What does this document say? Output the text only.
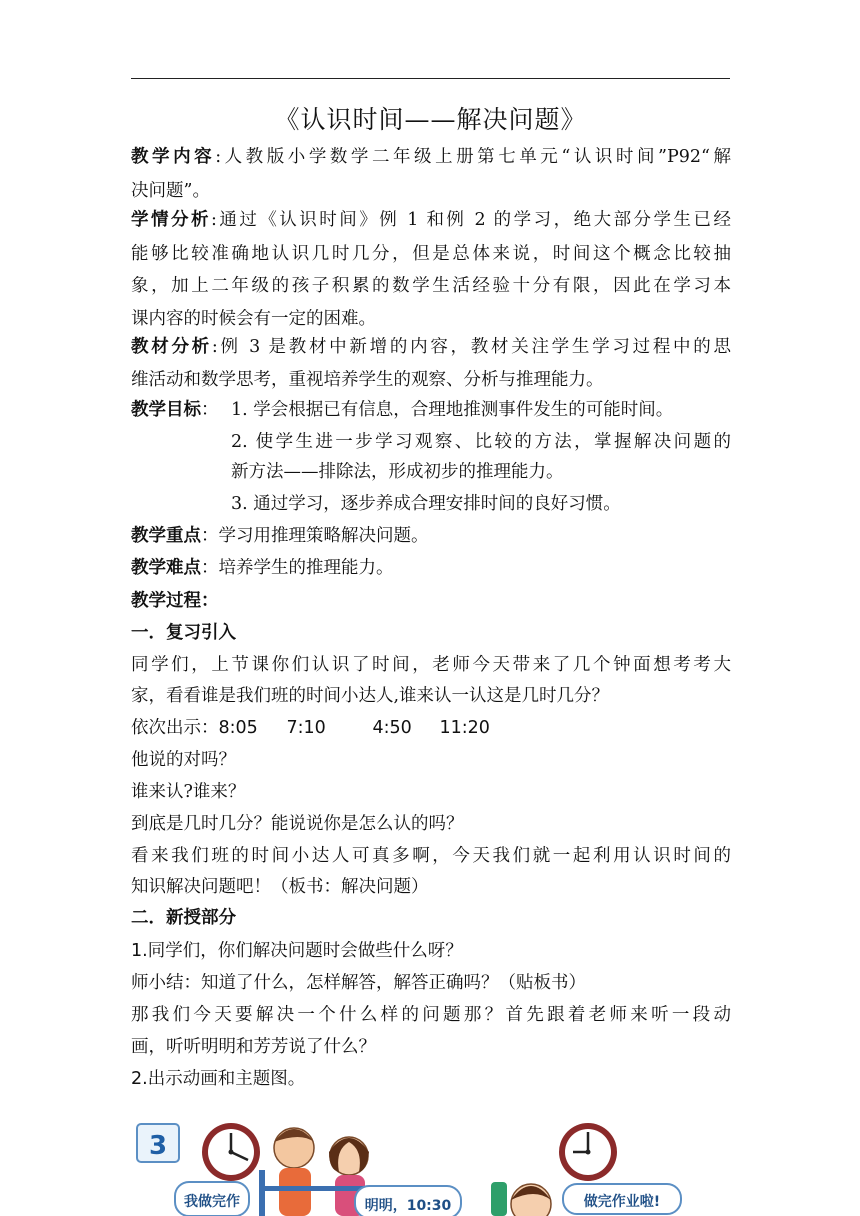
《认识时间——解决问题》
教学内容:人教版小学数学二年级上册第七单元“认识时间”P92“解
决问题”。
学情分析:通过《认识时间》例 1 和例 2 的学习，绝大部分学生已经
能够比较准确地认识几时几分，但是总体来说，时间这个概念比较抽
象，加上二年级的孩子积累的数学生活经验十分有限，因此在学习本
课内容的时候会有一定的困难。
教材分析:例 3 是教材中新增的内容，教材关注学生学习过程中的思
维活动和数学思考，重视培养学生的观察、分析与推理能力。
教学目标： 1. 学会根据已有信息，合理地推测事件发生的可能时间。
2. 使学生进一步学习观察、比较的方法，掌握解决问题的
新方法——排除法，形成初步的推理能力。
3. 通过学习，逐步养成合理安排时间的良好习惯。
教学重点：学习用推理策略解决问题。
教学难点：培养学生的推理能力。
教学过程：
一．复习引入
同学们，上节课你们认识了时间，老师今天带来了几个钟面想考考大
家，看看谁是我们班的时间小达人,谁来认一认这是几时几分？
依次出示：8:05 7:10	4:50 11:20
他说的对吗？
谁来认?谁来？
到底是几时几分？能说说你是怎么认的吗？
看来我们班的时间小达人可真多啊，今天我们就一起利用认识时间的
知识解决问题吧！（板书：解决问题）
二．新授部分
1.同学们，你们解决问题时会做些什么呀？
师小结：知道了什么，怎样解答，解答正确吗？（贴板书）
那我们今天要解决一个什么样的问题那？首先跟着老师来听一段动
画，听听明明和芳芳说了什么？
2.出示动画和主题图。
3
我做完作	明明，10:30	做完作业啦!
